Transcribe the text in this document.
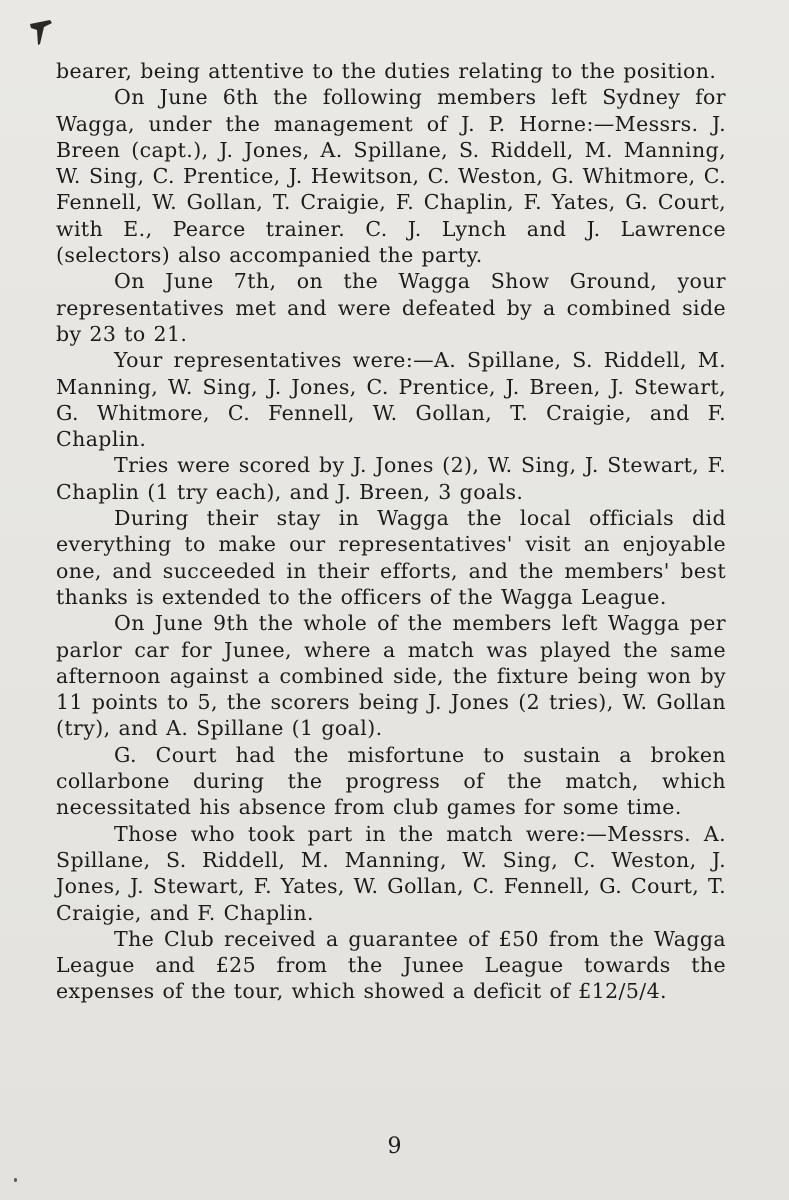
bearer, being attentive to the duties relating to the position.

On June 6th the following members left Sydney for Wagga, under the management of J. P. Horne:—Messrs. J. Breen (capt.), J. Jones, A. Spillane, S. Riddell, M. Manning, W. Sing, C. Prentice, J. Hewitson, C. Weston, G. Whitmore, C. Fennell, W. Gollan, T. Craigie, F. Chaplin, F. Yates, G. Court, with E., Pearce trainer. C. J. Lynch and J. Lawrence (selectors) also accompanied the party.

On June 7th, on the Wagga Show Ground, your representatives met and were defeated by a combined side by 23 to 21.

Your representatives were:—A. Spillane, S. Riddell, M. Manning, W. Sing, J. Jones, C. Prentice, J. Breen, J. Stewart, G. Whitmore, C. Fennell, W. Gollan, T. Craigie, and F. Chaplin.

Tries were scored by J. Jones (2), W. Sing, J. Stewart, F. Chaplin (1 try each), and J. Breen, 3 goals.

During their stay in Wagga the local officials did everything to make our representatives' visit an enjoyable one, and succeeded in their efforts, and the members' best thanks is extended to the officers of the Wagga League.

On June 9th the whole of the members left Wagga per parlor car for Junee, where a match was played the same afternoon against a combined side, the fixture being won by 11 points to 5, the scorers being J. Jones (2 tries), W. Gollan (try), and A. Spillane (1 goal).

G. Court had the misfortune to sustain a broken collarbone during the progress of the match, which necessitated his absence from club games for some time.

Those who took part in the match were:—Messrs. A. Spillane, S. Riddell, M. Manning, W. Sing, C. Weston, J. Jones, J. Stewart, F. Yates, W. Gollan, C. Fennell, G. Court, T. Craigie, and F. Chaplin.

The Club received a guarantee of £50 from the Wagga League and £25 from the Junee League towards the expenses of the tour, which showed a deficit of £12/5/4.

9
